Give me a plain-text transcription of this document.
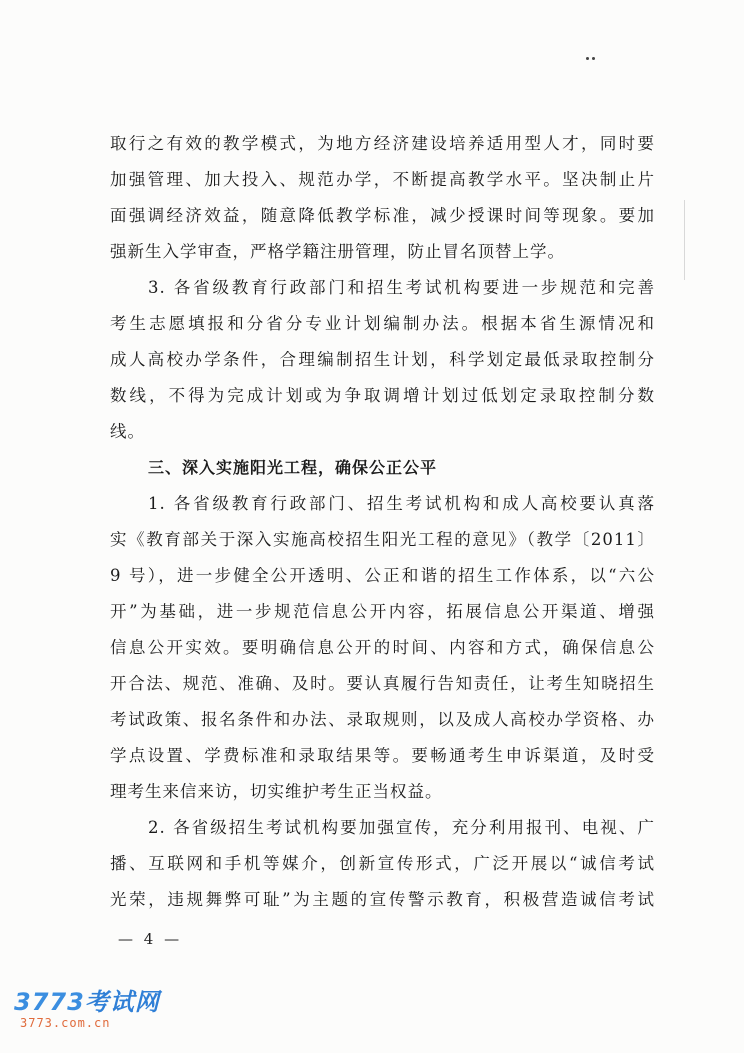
取行之有效的教学模式，为地方经济建设培养适用型人才，同时要
加强管理、加大投入、规范办学，不断提高教学水平。坚决制止片
面强调经济效益，随意降低教学标准，减少授课时间等现象。要加
强新生入学审查，严格学籍注册管理，防止冒名顶替上学。
3. 各省级教育行政部门和招生考试机构要进一步规范和完善
考生志愿填报和分省分专业计划编制办法。根据本省生源情况和
成人高校办学条件，合理编制招生计划，科学划定最低录取控制分
数线，不得为完成计划或为争取调增计划过低划定录取控制分数
线。
三、深入实施阳光工程，确保公正公平
1. 各省级教育行政部门、招生考试机构和成人高校要认真落
实《教育部关于深入实施高校招生阳光工程的意见》（教学〔2011〕
9 号），进一步健全公开透明、公正和谐的招生工作体系，以“六公
开”为基础，进一步规范信息公开内容，拓展信息公开渠道、增强
信息公开实效。要明确信息公开的时间、内容和方式，确保信息公
开合法、规范、准确、及时。要认真履行告知责任，让考生知晓招生
考试政策、报名条件和办法、录取规则，以及成人高校办学资格、办
学点设置、学费标准和录取结果等。要畅通考生申诉渠道，及时受
理考生来信来访，切实维护考生正当权益。
2. 各省级招生考试机构要加强宣传，充分利用报刊、电视、广
播、互联网和手机等媒介，创新宣传形式，广泛开展以“诚信考试
光荣，违规舞弊可耻”为主题的宣传警示教育，积极营造诚信考试
— 4 —
3773考试网
3773.com.cn
